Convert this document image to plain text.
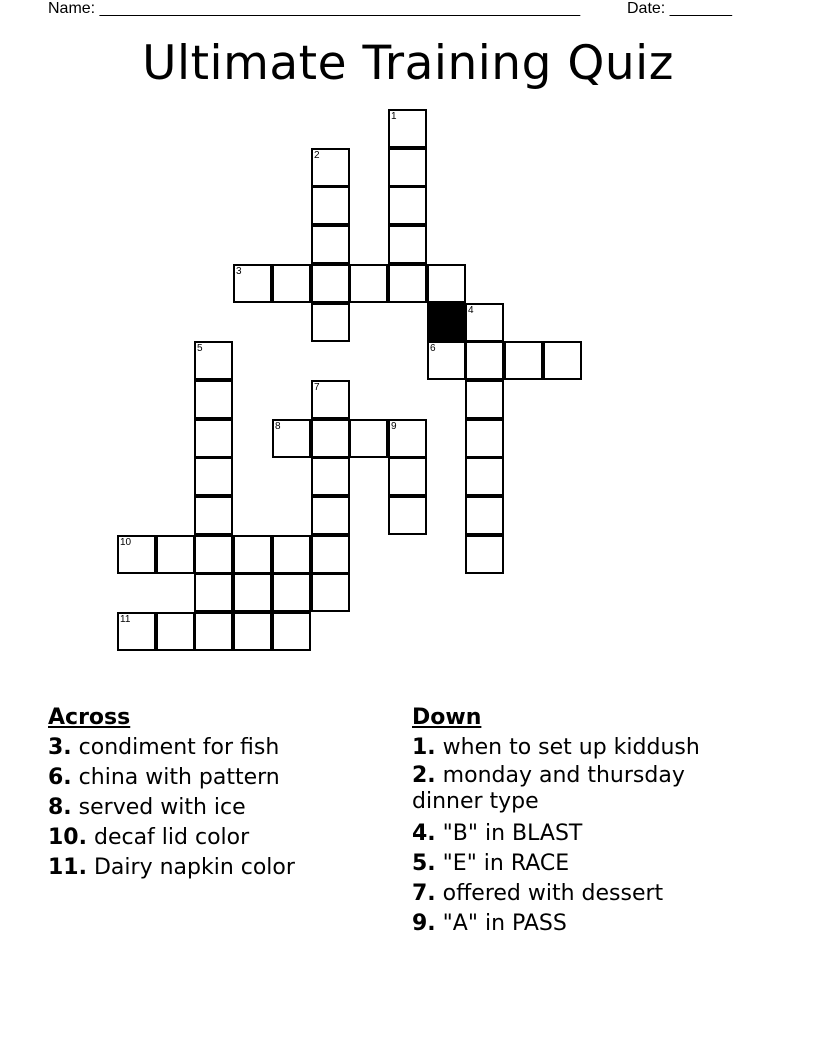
Name: ______________________________________________________	Date: _______
Ultimate Training Quiz
1
2
3
4
5	6
7
8	9
10
11

Across

3. condiment for fish

6. china with pattern

8. served with ice

10. decaf lid color

11. Dairy napkin color

Down

1. when to set up kiddush

2. monday and thursday dinner type

4. "B" in BLAST

5. "E" in RACE

7. offered with dessert

9. "A" in PASS
